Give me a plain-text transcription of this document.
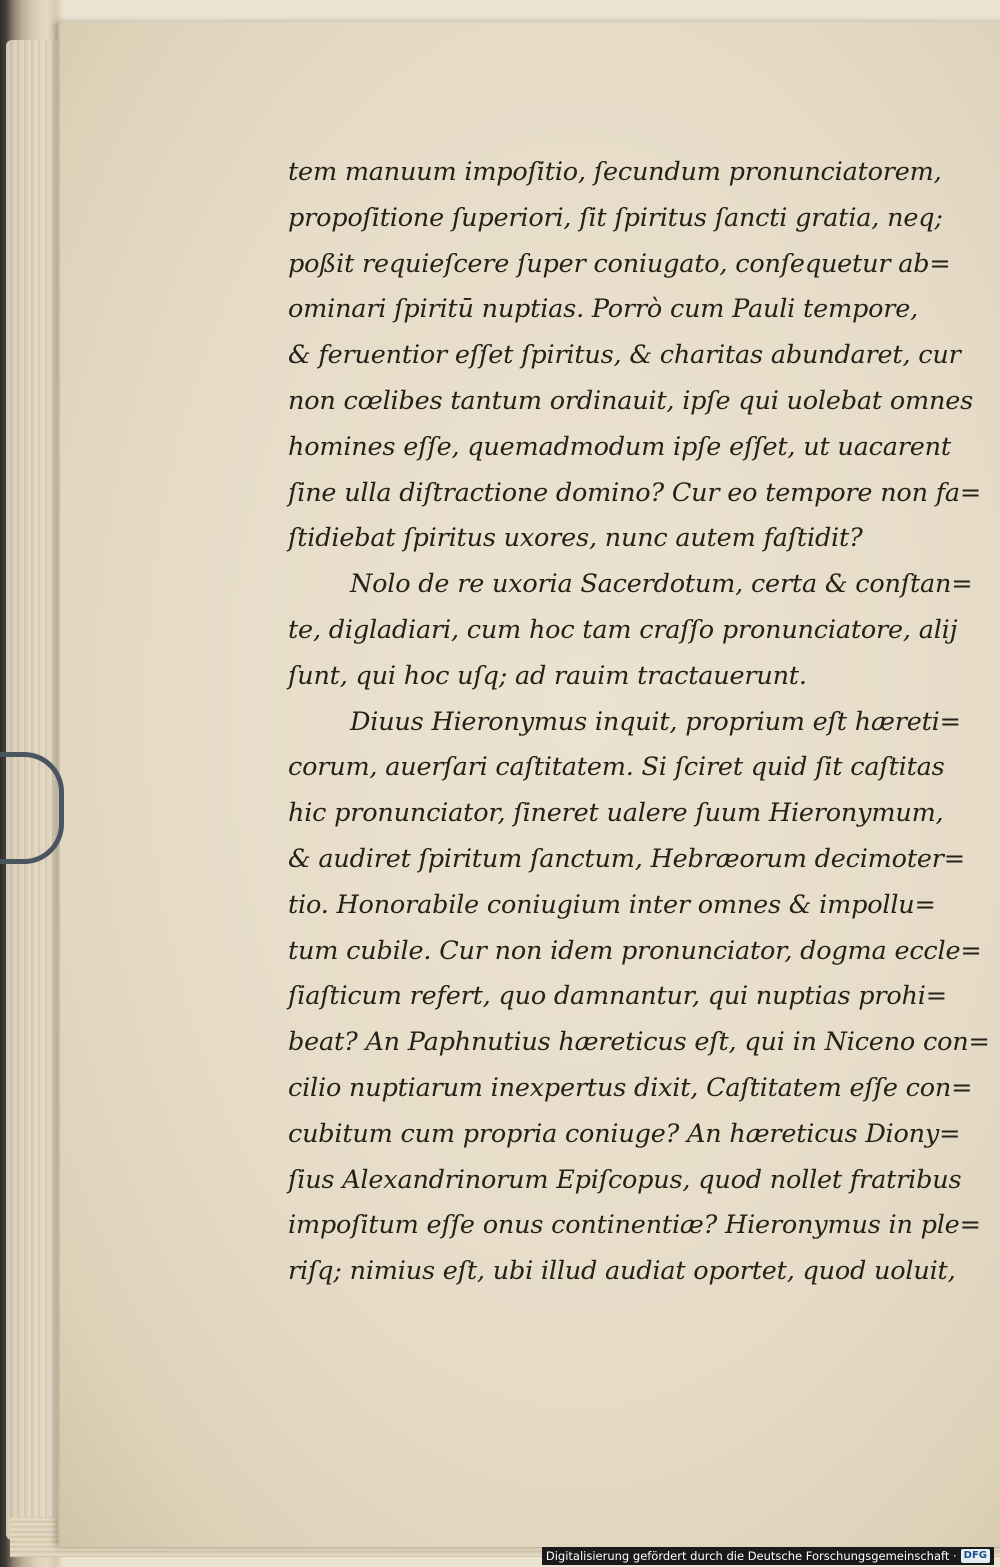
tem manuum impoſitio, ſecundum pronunciatorem,
propoſitione ſuperiori, ſit ſpiritus ſancti gratia, neq;
poßit requieſcere ſuper coniugato, conſequetur ab=
ominari ſpiritū nuptias. Porrò cum Pauli tempore,
& feruentior eſſet ſpiritus, & charitas abundaret, cur
non cœlibes tantum ordinauit, ipſe qui uolebat omnes
homines eſſe, quemadmodum ipſe eſſet, ut uacarent
ſine ulla diſtractione domino? Cur eo tempore non fa=
ſtidiebat ſpiritus uxores, nunc autem faſtidit?
Nolo de re uxoria Sacerdotum, certa & conſtan=
te, digladiari, cum hoc tam craſſo pronunciatore, alij
ſunt, qui hoc uſq; ad rauim tractauerunt.
Diuus Hieronymus inquit, proprium eſt hæreti=
corum, auerſari caſtitatem. Si ſciret quid ſit caſtitas
hic pronunciator, ſineret ualere ſuum Hieronymum,
& audiret ſpiritum ſanctum, Hebræorum decimoter=
tio. Honorabile coniugium inter omnes & impollu=
tum cubile. Cur non idem pronunciator, dogma eccle=
ſiaſticum refert, quo damnantur, qui nuptias prohi=
beat? An Paphnutius hæreticus eſt, qui in Niceno con=
cilio nuptiarum inexpertus dixit, Caſtitatem eſſe con=
cubitum cum propria coniuge? An hæreticus Diony=
ſius Alexandrinorum Epiſcopus, quod nollet fratribus
impoſitum eſſe onus continentiæ? Hieronymus in ple=
riſq; nimius eſt, ubi illud audiat oportet, quod uoluit,
Digitalisierung gefördert durch die Deutsche Forschungsgemeinschaft · DFG
